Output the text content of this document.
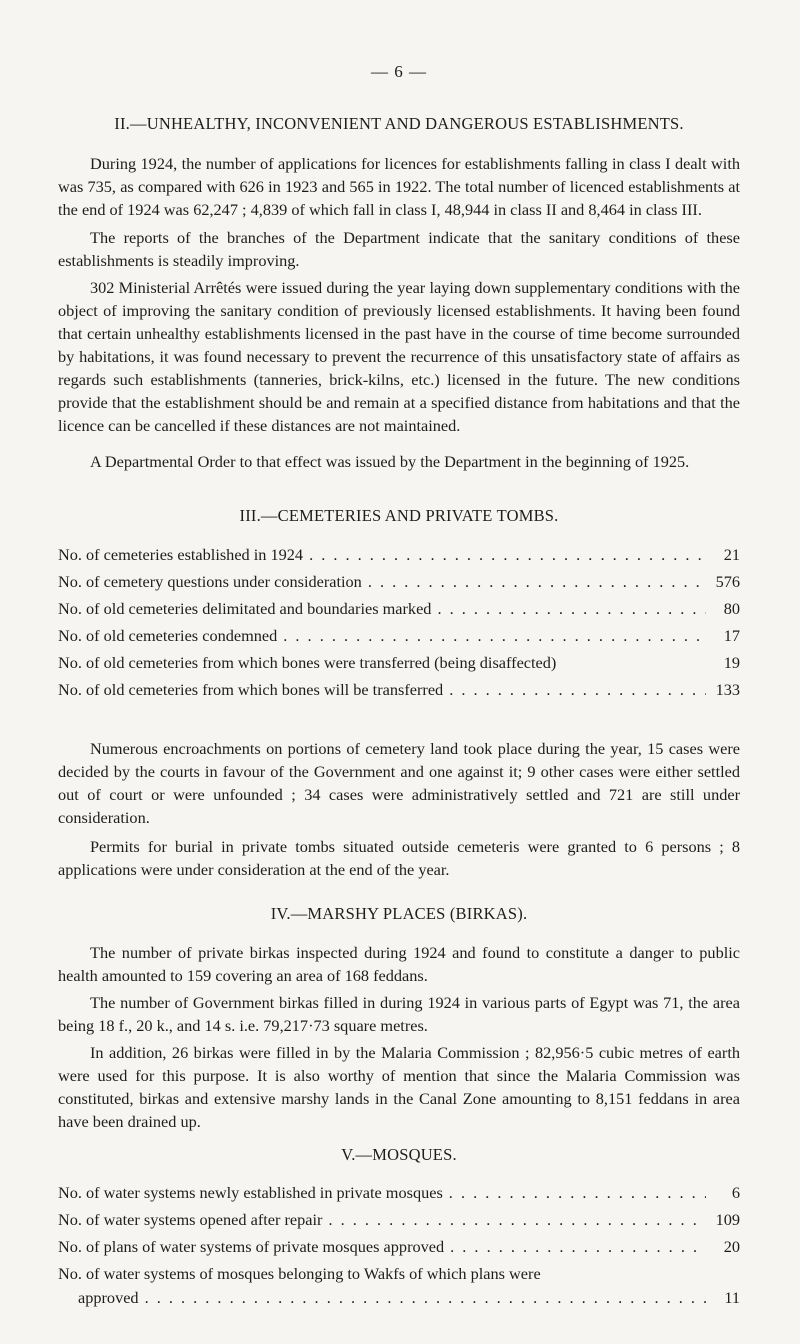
— 6 —
II.—UNHEALTHY, INCONVENIENT AND DANGEROUS ESTABLISHMENTS.

During 1924, the number of applications for licences for establishments falling in class I dealt with was 735, as compared with 626 in 1923 and 565 in 1922. The total number of licenced establishments at the end of 1924 was 62,247 ; 4,839 of which fall in class I, 48,944 in class II and 8,464 in class III.

The reports of the branches of the Department indicate that the sanitary conditions of these establishments is steadily improving.

302 Ministerial Arrêtés were issued during the year laying down supplementary conditions with the object of improving the sanitary condition of previously licensed establishments. It having been found that certain unhealthy establishments licensed in the past have in the course of time become surrounded by habitations, it was found necessary to prevent the recurrence of this unsatisfactory state of affairs as regards such establishments (tanneries, brick-kilns, etc.) licensed in the future. The new conditions provide that the establishment should be and remain at a specified distance from habitations and that the licence can be cancelled if these distances are not maintained.

A Departmental Order to that effect was issued by the Department in the beginning of 1925.

III.—CEMETERIES AND PRIVATE TOMBS.
No. of cemeteries established in 1924 . . .	21
No. of cemetery questions under consideration . . .	576
No. of old cemeteries delimitated and boundaries marked . . .	80
No. of old cemeteries condemned . . .	17
No. of old cemeteries from which bones were transferred (being disaffected)	19
No. of old cemeteries from which bones will be transferred . . .	133

Numerous encroachments on portions of cemetery land took place during the year, 15 cases were decided by the courts in favour of the Government and one against it; 9 other cases were either settled out of court or were unfounded ; 34 cases were administratively settled and 721 are still under consideration.

Permits for burial in private tombs situated outside cemeteris were granted to 6 persons ; 8 applications were under consideration at the end of the year.

IV.—MARSHY PLACES (BIRKAS).

The number of private birkas inspected during 1924 and found to constitute a danger to public health amounted to 159 covering an area of 168 feddans.

The number of Government birkas filled in during 1924 in various parts of Egypt was 71, the area being 18 f., 20 k., and 14 s. i.e. 79,217·73 square metres.

In addition, 26 birkas were filled in by the Malaria Commission ; 82,956·5 cubic metres of earth were used for this purpose. It is also worthy of mention that since the Malaria Commission was constituted, birkas and extensive marshy lands in the Canal Zone amounting to 8,151 feddans in area have been drained up.

V.—MOSQUES.
No. of water systems newly established in private mosques . . .	6
No. of water systems opened after repair . . .	109
No. of plans of water systems of private mosques approved . . .	20
No. of water systems of mosques belonging to Wakfs of which plans were
approved . . .	11
